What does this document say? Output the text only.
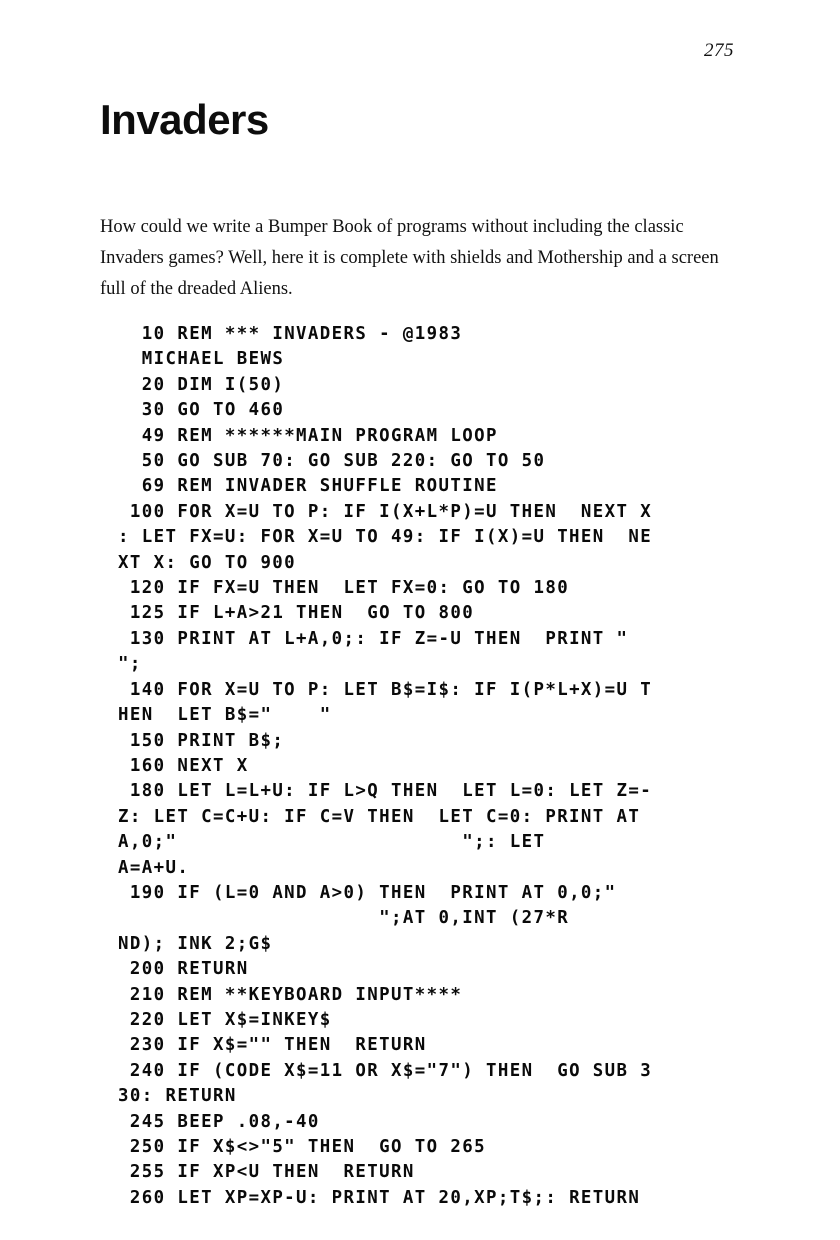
275
Invaders

How could we write a Bumper Book of programs without including the classic Invaders games? Well, here it is complete with shields and Mothership and a screen full of the dreaded Aliens.

10 REM *** INVADERS - @1983
MICHAEL BEWS
20 DIM I(50)
30 GO TO 460
49 REM ******MAIN PROGRAM LOOP
50 GO SUB 70: GO SUB 220: GO TO 50
69 REM INVADER SHUFFLE ROUTINE
100 FOR X=U TO P: IF I(X+L*P)=U THEN  NEXT X
: LET FX=U: FOR X=U TO 49: IF I(X)=U THEN  NE
XT X: GO TO 900
120 IF FX=U THEN  LET FX=0: GO TO 180
125 IF L+A>21 THEN  GO TO 800
130 PRINT AT L+A,0;: IF Z=-U THEN  PRINT "
";
140 FOR X=U TO P: LET B$=I$: IF I(P*L+X)=U T
HEN  LET B$="    "
150 PRINT B$;
160 NEXT X
180 LET L=L+U: IF L>Q THEN  LET L=0: LET Z=-
Z: LET C=C+U: IF C=V THEN  LET C=0: PRINT AT
A,0;"                        ";: LET
A=A+U.
190 IF (L=0 AND A>0) THEN  PRINT AT 0,0;"
";AT 0,INT (27*R
ND); INK 2;G$
200 RETURN
210 REM **KEYBOARD INPUT****
220 LET X$=INKEY$
230 IF X$="" THEN  RETURN
240 IF (CODE X$=11 OR X$="7") THEN  GO SUB 3
30: RETURN
245 BEEP .08,-40
250 IF X$<>"5" THEN  GO TO 265
255 IF XP<U THEN  RETURN
260 LET XP=XP-U: PRINT AT 20,XP;T$;: RETURN
